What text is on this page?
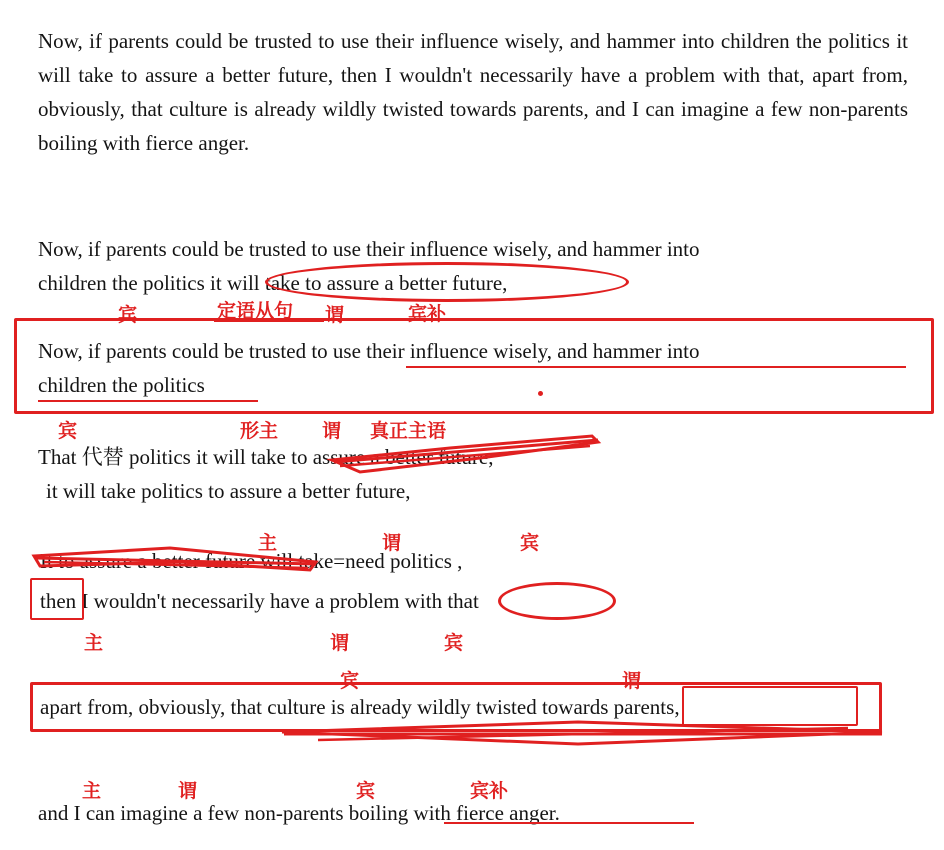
Now, if parents could be trusted to use their influence wisely, and hammer into children the politics it will take to assure a better future, then I wouldn't necessarily have a problem with that, apart from, obviously, that culture is already wildly twisted towards parents, and I can imagine a few non-parents boiling with fierce anger.
Now, if parents could be trusted to use their influence wisely, and hammer into
children the politics it will take to assure a better future,
定语从句
宾	谓	宾补
Now, if parents could be trusted to use their influence wisely, and hammer into
children the politics
宾	形主 谓 真正主语
That 代替 politics it will take to assure a better future,
it will take politics to assure a better future,
主	谓	宾
It to assure a better future will take=need politics ,
then I wouldn't necessarily have a problem with that
主	谓	宾
宾	谓
apart from, obviously, that culture is already wildly twisted towards parents,
主	谓	宾	宾补
and I can imagine a few non-parents boiling with fierce anger.
